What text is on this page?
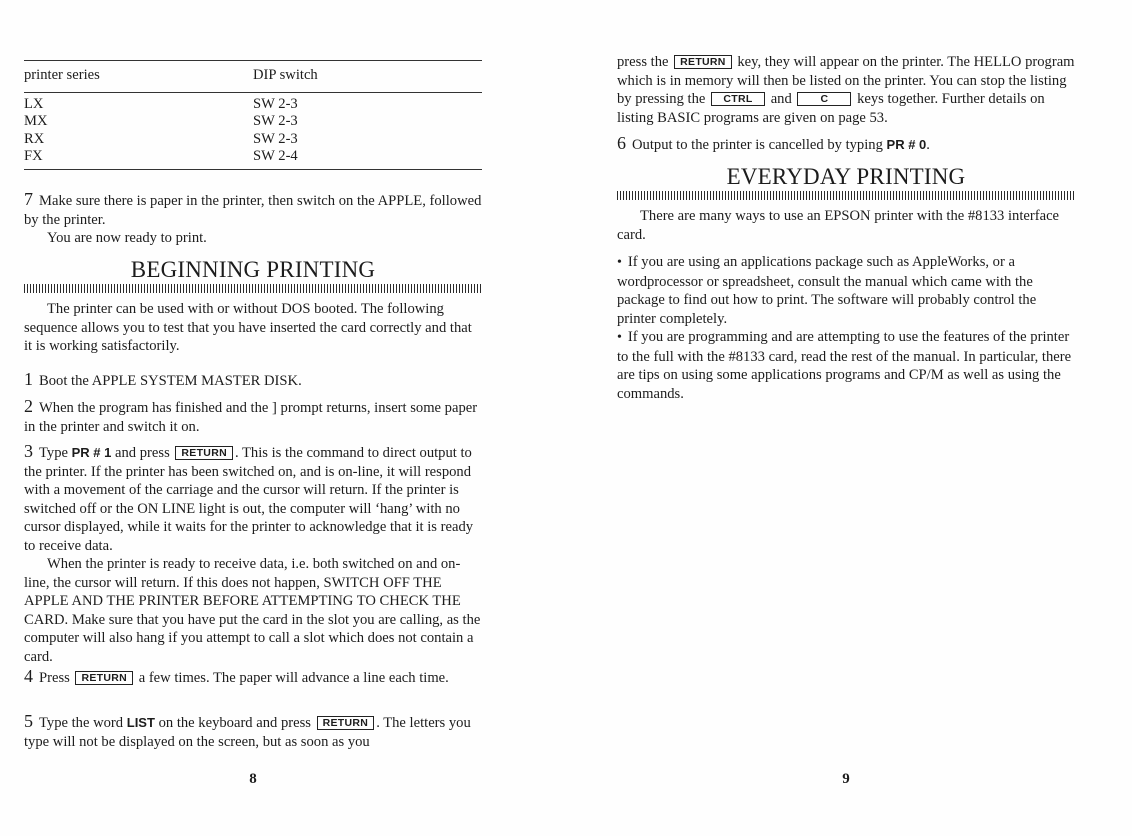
printer series	DIP switch
LX	SW 2-3
MX	SW 2-3
RX	SW 2-3
FX	SW 2-4

7 Make sure there is paper in the printer, then switch on the APPLE, followed by the printer.

You are now ready to print.

BEGINNING PRINTING

The printer can be used with or without DOS booted. The following sequence allows you to test that you have inserted the card correctly and that it is working satisfactorily.

1 Boot the APPLE SYSTEM MASTER DISK.

2 When the program has finished and the ] prompt returns, insert some paper in the printer and switch it on.

3 Type PR # 1 and press RETURN . This is the command to direct output to the printer. If the printer has been switched on, and is on-line, it will respond with a movement of the carriage and the cursor will return. If the printer is switched off or the ON LINE light is out, the computer will ‘hang’ with no cursor displayed, while it waits for the printer to acknowledge that it is ready to receive data.

When the printer is ready to receive data, i.e. both switched on and on-line, the cursor will return. If this does not happen, SWITCH OFF THE APPLE AND THE PRINTER BEFORE ATTEMPTING TO CHECK THE CARD. Make sure that you have put the card in the slot you are calling, as the computer will also hang if you attempt to call a slot which does not contain a card.

4 Press RETURN a few times. The paper will advance a line each time.

5 Type the word LIST on the keyboard and press RETURN . The letters you type will not be displayed on the screen, but as soon as you

8

press the RETURN key, they will appear on the printer. The HELLO program which is in memory will then be listed on the printer. You can stop the listing by pressing the CTRL and	C keys together. Further details on listing BASIC programs are given on page 53.

6 Output to the printer is cancelled by typing PR # 0.

EVERYDAY PRINTING

There are many ways to use an EPSON printer with the #8133 interface card.

• If you are using an applications package such as AppleWorks, or a wordprocessor or spreadsheet, consult the manual which came with the package to find out how to print. The software will probably control the printer completely.

• If you are programming and are attempting to use the features of the printer to the full with the #8133 card, read the rest of the manual. In particular, there are tips on using some applications programs and CP/M as well as using the commands.

9
